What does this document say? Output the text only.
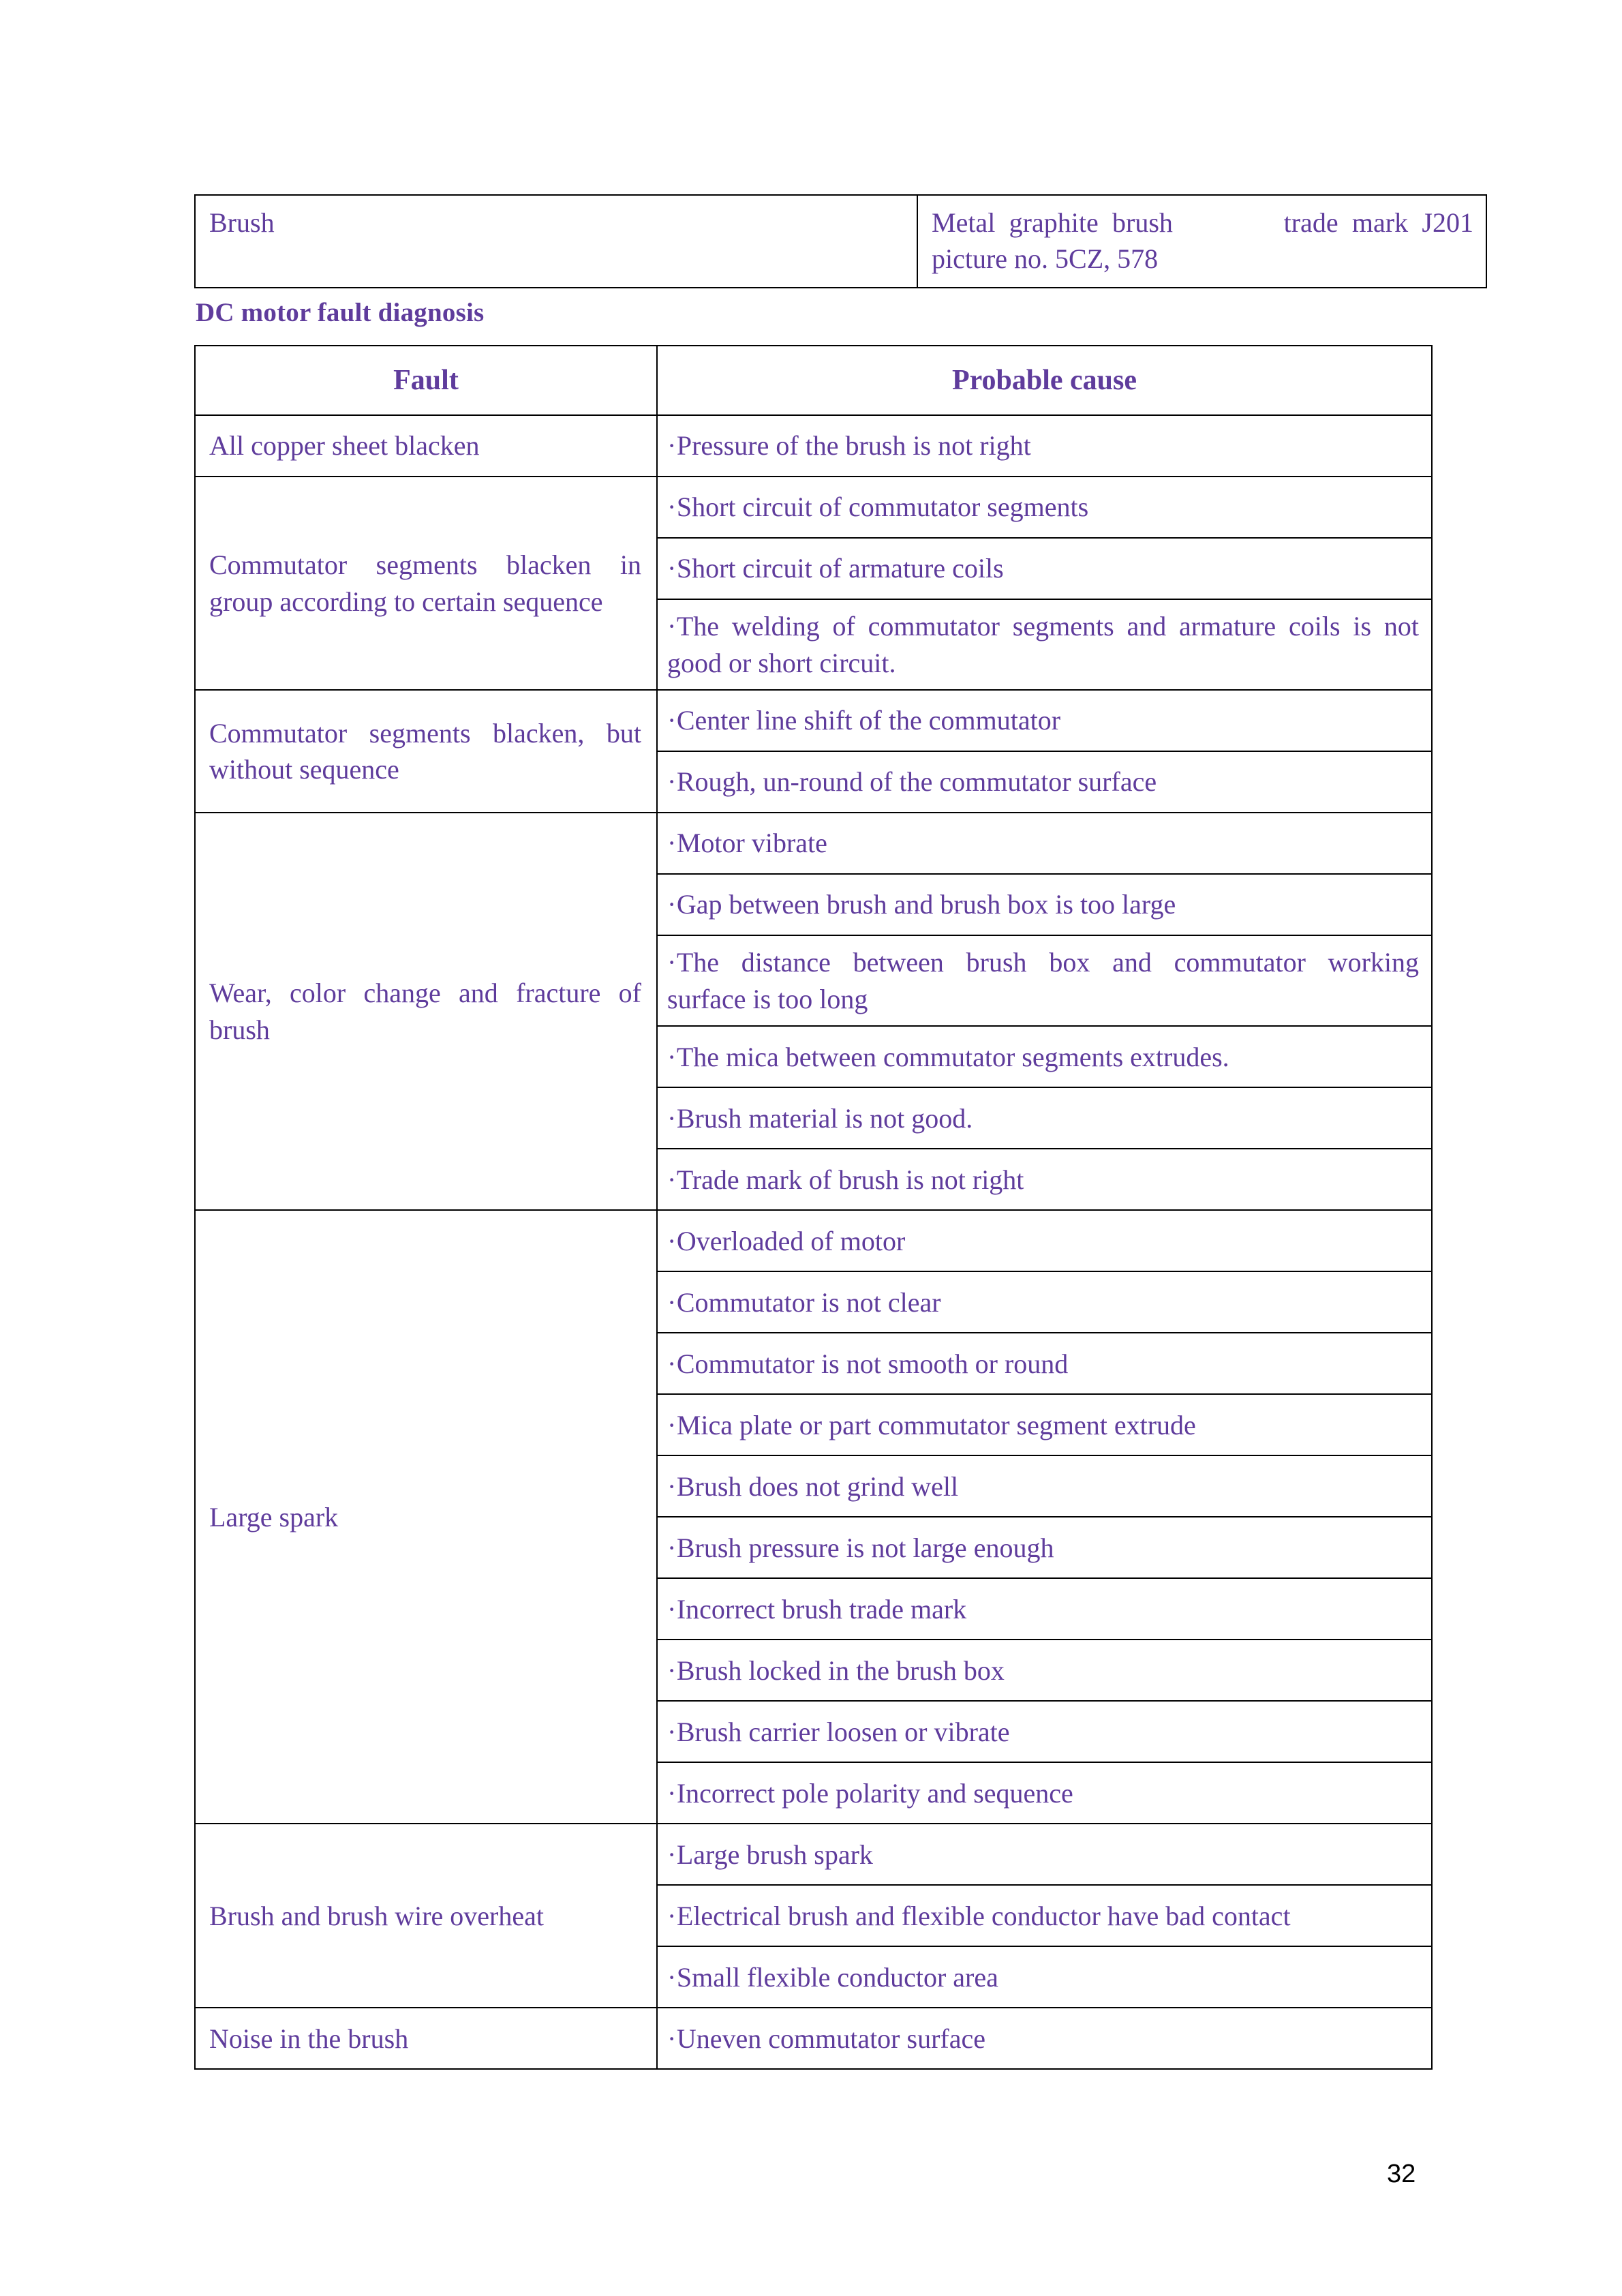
Brush	Metal graphite brush        trade mark J201
picture no. 5CZ, 578
DC motor fault diagnosis
Fault	Probable cause
All copper sheet blacken	·Pressure of the brush is not right

Commutator segments blacken in
group according to certain sequence	·Short circuit of commutator segments

	·Short circuit of armature coils

	·The welding of commutator segments and armature coils is not
good or short circuit.

Commutator segments blacken, but
without sequence	·Center line shift of the commutator

	·Rough, un-round of the commutator surface

Wear, color change and fracture of
brush	·Motor vibrate

	·Gap between brush and brush box is too large

	·The distance between brush box and commutator working
surface is too long

	·The mica between commutator segments extrudes.

	·Brush material is not good.

	·Trade mark of brush is not right

Large spark	·Overloaded of motor

	·Commutator is not clear

	·Commutator is not smooth or round

	·Mica plate or part commutator segment extrude

	·Brush does not grind well

	·Brush pressure is not large enough

	·Incorrect brush trade mark

	·Brush locked in the brush box

	·Brush carrier loosen or vibrate

	·Incorrect pole polarity and sequence

Brush and brush wire overheat	·Large brush spark

	·Electrical brush and flexible conductor have bad contact

	·Small flexible conductor area

Noise in the brush	·Uneven commutator surface
32
